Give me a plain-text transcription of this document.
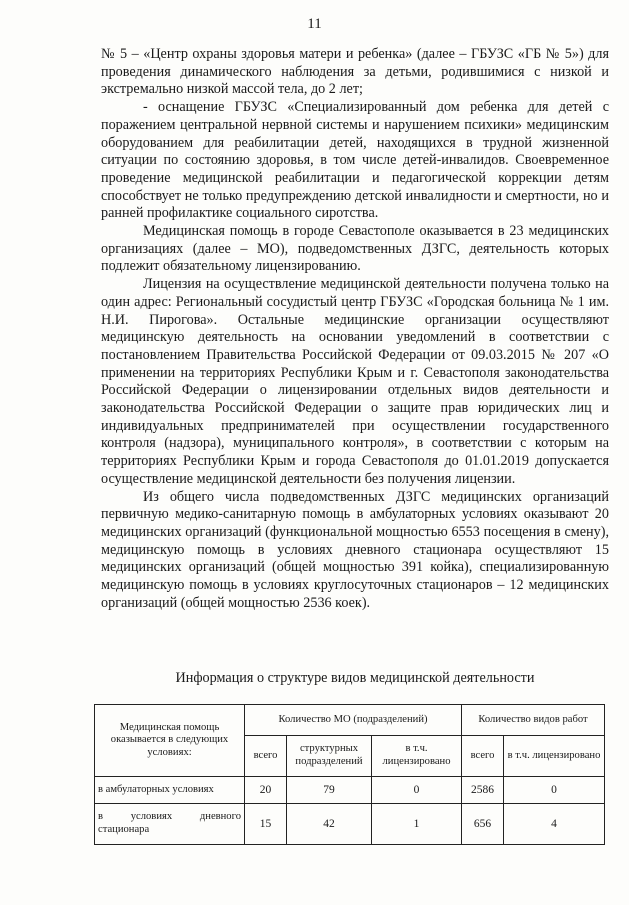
11

№ 5 – «Центр охраны здоровья матери и ребенка» (далее – ГБУЗС «ГБ № 5») для проведения динамического наблюдения за детьми, родившимися с низкой и экстремально низкой массой тела, до 2 лет;

- оснащение ГБУЗС «Специализированный дом ребенка для детей с поражением центральной нервной системы и нарушением психики» медицинским оборудованием для реабилитации детей, находящихся в трудной жизненной ситуации по состоянию здоровья, в том числе детей-инвалидов. Своевременное проведение медицинской реабилитации и педагогической коррекции детям способствует не только предупреждению детской инвалидности и смертности, но и ранней профилактике социального сиротства.

Медицинская помощь в городе Севастополе оказывается в 23 медицинских организациях (далее – МО), подведомственных ДЗГС, деятельность которых подлежит обязательному лицензированию.

Лицензия на осуществление медицинской деятельности получена только на один адрес: Региональный сосудистый центр ГБУЗС «Городская больница № 1 им. Н.И. Пирогова». Остальные медицинские организации осуществляют медицинскую деятельность на основании уведомлений в соответствии с постановлением Правительства Российской Федерации от 09.03.2015 № 207 «О применении на территориях Республики Крым и г. Севастополя законодательства Российской Федерации о лицензировании отдельных видов деятельности и законодательства Российской Федерации о защите прав юридических лиц и индивидуальных предпринимателей при осуществлении государственного контроля (надзора), муниципального контроля», в соответствии с которым на территориях Республики Крым и города Севастополя до 01.01.2019 допускается осуществление медицинской деятельности без получения лицензии.

Из общего числа подведомственных ДЗГС медицинских организаций первичную медико-санитарную помощь в амбулаторных условиях оказывают 20 медицинских организаций (функциональной мощностью 6553 посещения в смену), медицинскую помощь в условиях дневного стационара осуществляют 15 медицинских организаций (общей мощностью 391 койка), специализированную медицинскую помощь в условиях круглосуточных стационаров – 12 медицинских организаций (общей мощностью 2536 коек).

Информация о структуре видов медицинской деятельности
Медицинская помощь оказывается в следующих условиях:	Количество МО (подразделений)			Количество видов работ	
	всего	структурных подразделений	в т.ч. лицензировано	всего	в т.ч. лицензировано
в амбулаторных условиях	20	79	0	2586	0
в условиях дневного стационара	15	42	1	656	4
